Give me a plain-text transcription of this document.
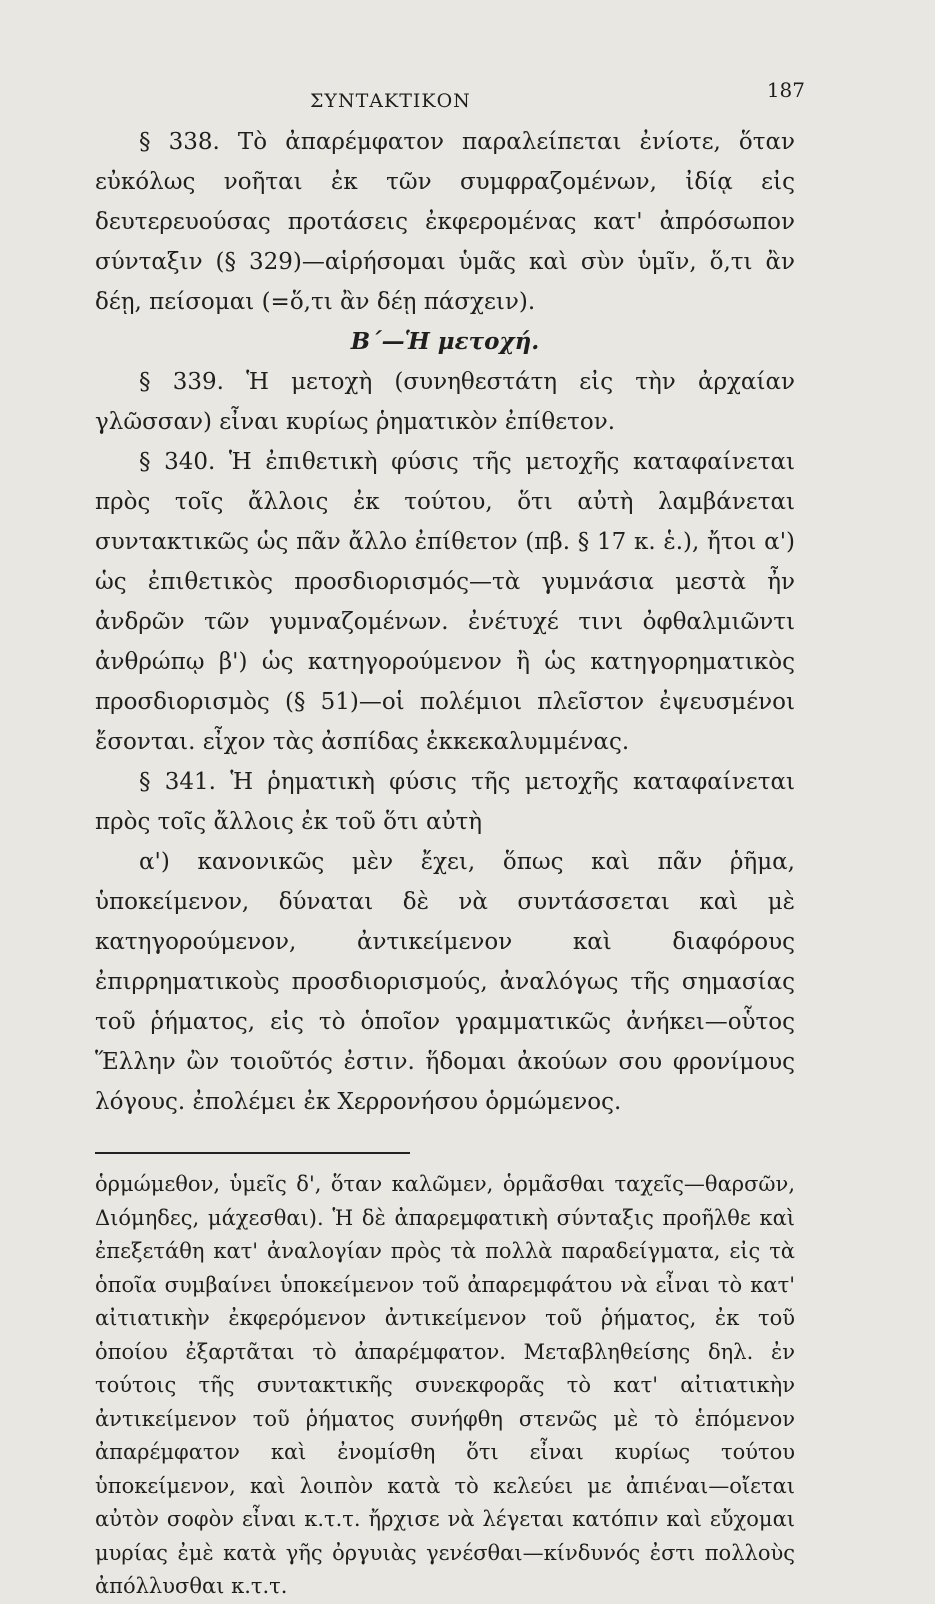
ΣΥΝΤΑΚΤΙΚΟΝ	187

§ 338. Τὸ ἀπαρέμφατον παραλείπεται ἐνίοτε, ὅταν εὐκόλως νοῆται ἐκ τῶν συμφραζομένων, ἰδίᾳ εἰς δευτερευούσας προτάσεις ἐκφερομένας κατ' ἀπρόσωπον σύνταξιν (§ 329)—αἱρήσομαι ὑμᾶς καὶ σὺν ὑμῖν, ὅ,τι ἂν δέῃ, πείσομαι (=ὅ,τι ἂν δέῃ πάσχειν).

Β΄—Ἡ μετοχή.

§ 339. Ἡ μετοχὴ (συνηθεστάτη εἰς τὴν ἀρχαίαν γλῶσσαν) εἶναι κυρίως ῥηματικὸν ἐπίθετον.

§ 340. Ἡ ἐπιθετικὴ φύσις τῆς μετοχῆς καταφαίνεται πρὸς τοῖς ἄλλοις ἐκ τούτου, ὅτι αὐτὴ λαμβάνεται συντακτικῶς ὡς πᾶν ἄλλο ἐπίθετον (πβ. § 17 κ. ἑ.), ἤτοι α') ὡς ἐπιθετικὸς προσδιορισμός—τὰ γυμνάσια μεστὰ ἦν ἀνδρῶν τῶν γυμναζομένων. ἐνέτυχέ τινι ὀφθαλμιῶντι ἀνθρώπῳ β') ὡς κατηγορούμενον ἢ ὡς κατηγορηματικὸς προσδιορισμὸς (§ 51)—οἱ πολέμιοι πλεῖστον ἐψευσμένοι ἔσονται. εἶχον τὰς ἀσπίδας ἐκκεκαλυμμένας.

§ 341. Ἡ ῥηματικὴ φύσις τῆς μετοχῆς καταφαίνεται πρὸς τοῖς ἄλλοις ἐκ τοῦ ὅτι αὐτὴ

α') κανονικῶς μὲν ἔχει, ὅπως καὶ πᾶν ῥῆμα, ὑποκείμενον, δύναται δὲ νὰ συντάσσεται καὶ μὲ κατηγορούμενον, ἀντικείμενον καὶ διαφόρους ἐπιρρηματικοὺς προσδιορισμούς, ἀναλόγως τῆς σημασίας τοῦ ῥήματος, εἰς τὸ ὁποῖον γραμματικῶς ἀνήκει—οὗτος Ἕλλην ὢν τοιοῦτός ἐστιν. ἥδομαι ἀκούων σου φρονίμους λόγους. ἐπολέμει ἐκ Χερρονήσου ὁρμώμενος.

ὁρμώμεθον, ὑμεῖς δ', ὅταν καλῶμεν, ὁρμᾶσθαι ταχεῖς—θαρσῶν, Διόμηδες, μάχεσθαι). Ἡ δὲ ἀπαρεμφατικὴ σύνταξις προῆλθε καὶ ἐπεξετάθη κατ' ἀναλογίαν πρὸς τὰ πολλὰ παραδείγματα, εἰς τὰ ὁποῖα συμβαίνει ὑποκείμενον τοῦ ἀπαρεμφάτου νὰ εἶναι τὸ κατ' αἰτιατικὴν ἐκφερόμενον ἀντικείμενον τοῦ ῥήματος, ἐκ τοῦ ὁποίου ἐξαρτᾶται τὸ ἀπαρέμφατον. Μεταβληθείσης δηλ. ἐν τούτοις τῆς συντακτικῆς συνεκφορᾶς τὸ κατ' αἰτιατικὴν ἀντικείμενον τοῦ ῥήματος συνήφθη στενῶς μὲ τὸ ἑπόμενον ἀπαρέμφατον καὶ ἐνομίσθη ὅτι εἶναι κυρίως τούτου ὑποκείμενον, καὶ λοιπὸν κατὰ τὸ κελεύει με ἀπιέναι—οἴεται αὐτὸν σοφὸν εἶναι κ.τ.τ. ἤρχισε νὰ λέγεται κατόπιν καὶ εὔχομαι μυρίας ἐμὲ κατὰ γῆς ὀργυιὰς γενέσθαι—κίνδυνός ἐστι πολλοὺς ἀπόλλυσθαι κ.τ.τ.
